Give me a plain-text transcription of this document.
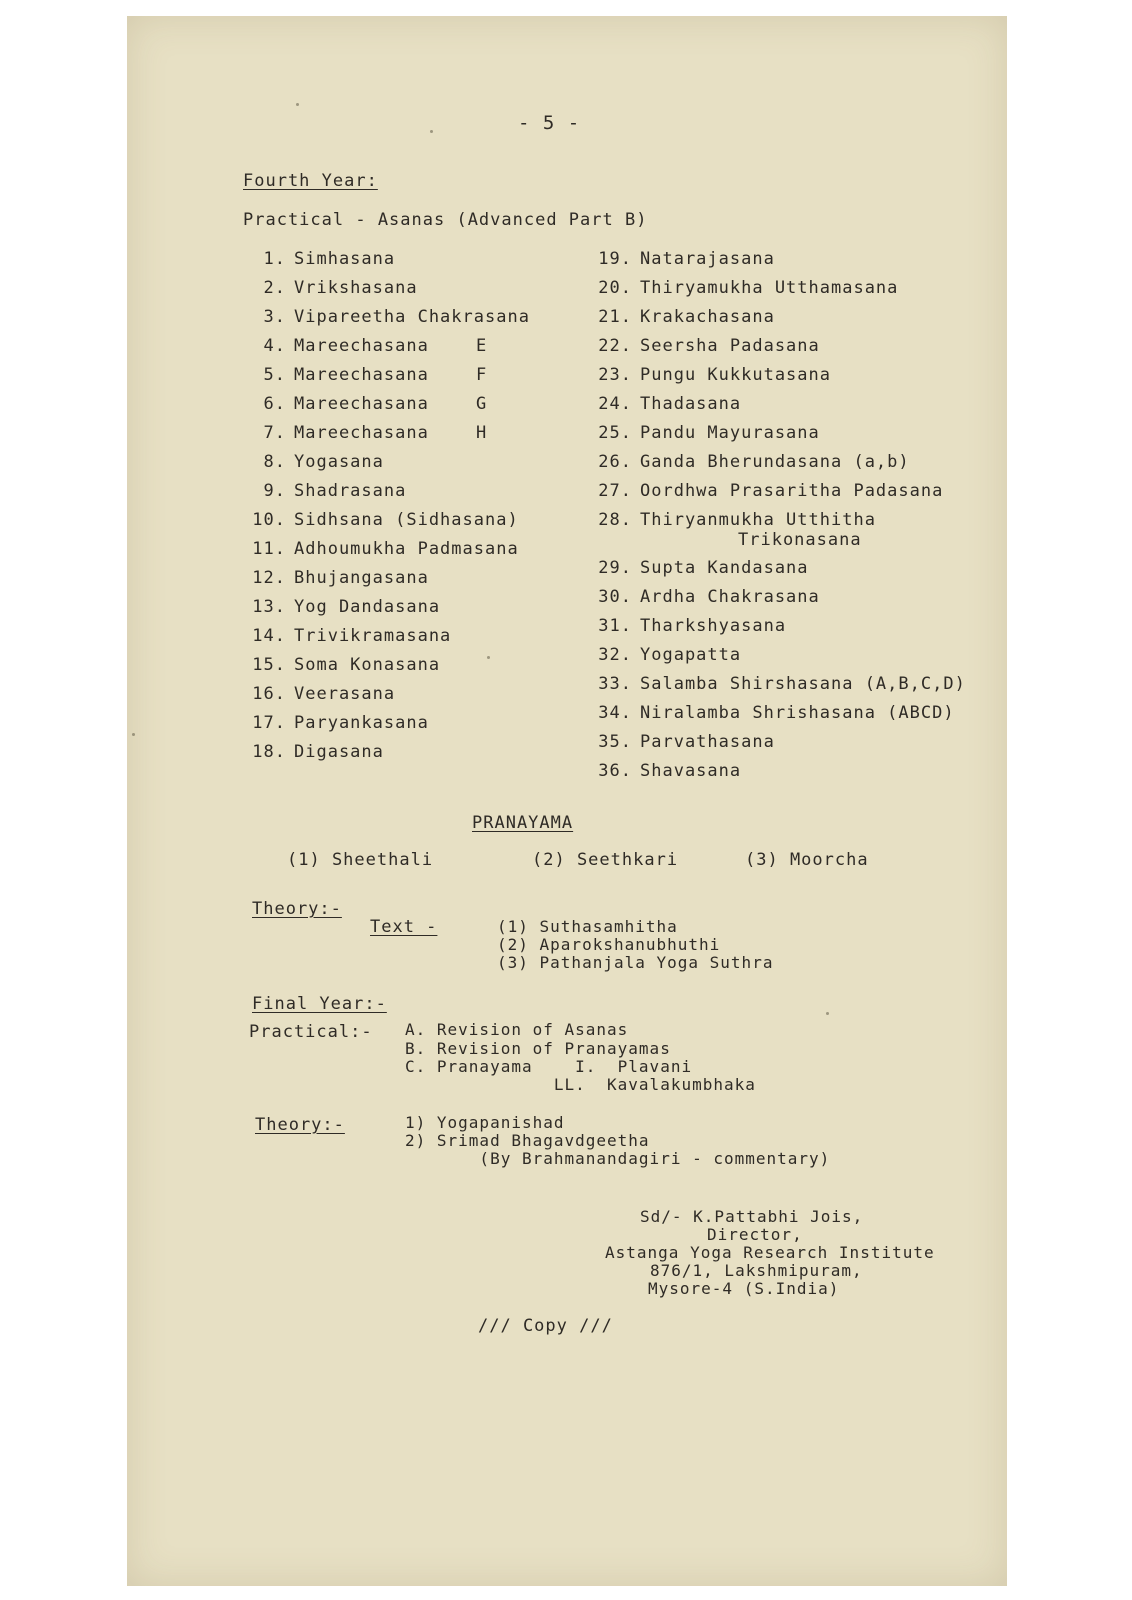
- 5 -
Fourth Year:
Practical - Asanas (Advanced Part B)
1. Simhasana
2. Vrikshasana
3. Vipareetha Chakrasana
4. Mareechasana	E
5. Mareechasana	F
6. Mareechasana	G
7. Mareechasana	H
8. Yogasana
9. Shadrasana
10. Sidhsana (Sidhasana)
11. Adhoumukha Padmasana
12. Bhujangasana
13. Yog Dandasana
14. Trivikramasana
15. Soma Konasana
16. Veerasana
17. Paryankasana
18. Digasana
19. Natarajasana
20. Thiryamukha Utthamasana
21. Krakachasana
22. Seersha Padasana
23. Pungu Kukkutasana
24. Thadasana
25. Pandu Mayurasana
26. Ganda Bherundasana (a,b)
27. Oordhwa Prasaritha Padasana
28. Thiryanmukha Utthitha
Trikonasana
29. Supta Kandasana
30. Ardha Chakrasana
31. Tharkshyasana
32. Yogapatta
33. Salamba Shirshasana (A,B,C,D)
34. Niralamba Shrishasana (ABCD)
35. Parvathasana
36. Shavasana
PRANAYAMA
(1) Sheethali	(2) Seethkari	(3) Moorcha
Theory:-
Text -	(1) Suthasamhitha
(2) Aparokshanubhuthi
(3) Pathanjala Yoga Suthra
Final Year:-
Practical:- A. Revision of Asanas
B. Revision of Pranayamas
C. Pranayama    I.  Plavani
LL.  Kavalakumbhaka
Theory:-	1) Yogapanishad
2) Srimad Bhagavdgeetha
(By Brahmanandagiri - commentary)
Sd/- K.Pattabhi Jois,
Director,
Astanga Yoga Research Institute
876/1, Lakshmipuram,
Mysore-4 (S.India)
/// Copy ///
